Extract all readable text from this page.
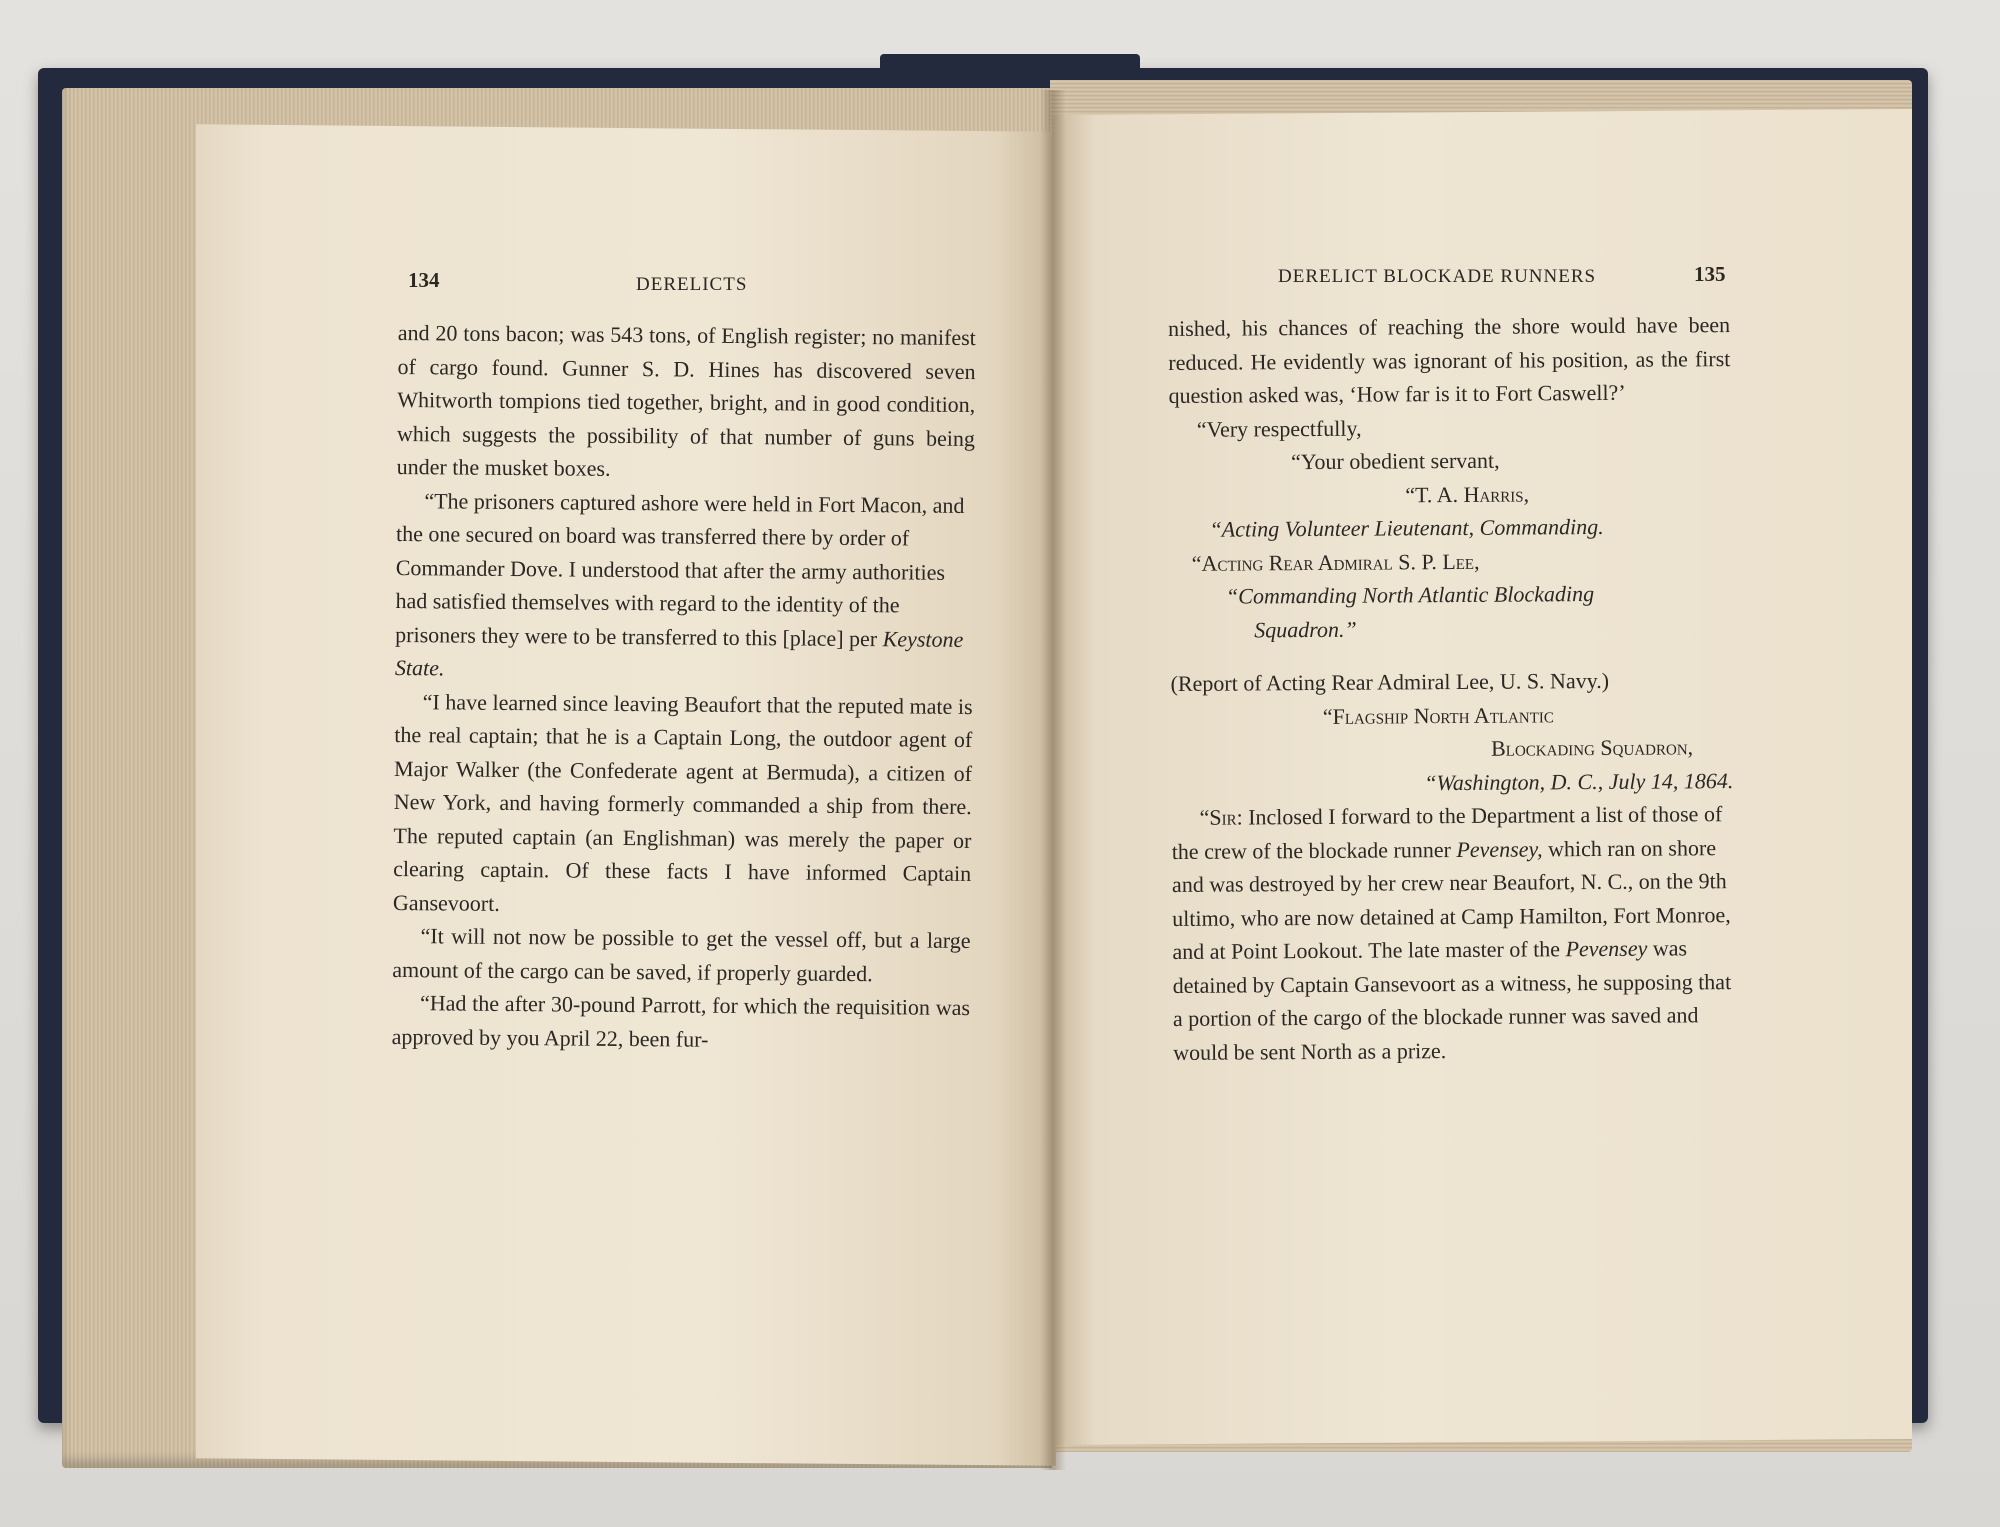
134	DERELICTS	DERELICT BLOCKADE RUNNERS	135

and 20 tons bacon; was 543 tons, of English register; no manifest of cargo found. Gunner S. D. Hines has discovered seven Whitworth tompions tied together, bright, and in good condition, which suggests the possibility of that number of guns being under the musket boxes.

“The prisoners captured ashore were held in Fort Macon, and the one secured on board was transferred there by order of Commander Dove. I understood that after the army authorities had satisfied themselves with regard to the identity of the prisoners they were to be transferred to this [place] per Keystone State.

“I have learned since leaving Beaufort that the reputed mate is the real captain; that he is a Captain Long, the outdoor agent of Major Walker (the Confederate agent at Bermuda), a citizen of New York, and having formerly commanded a ship from there. The reputed captain (an Englishman) was merely the paper or clearing captain. Of these facts I have informed Captain Gansevoort.

“It will not now be possible to get the vessel off, but a large amount of the cargo can be saved, if properly guarded.

“Had the after 30-pound Parrott, for which the requisition was approved by you April 22, been fur-

nished, his chances of reaching the shore would have been reduced. He evidently was ignorant of his position, as the first question asked was, ‘How far is it to Fort Caswell?’

“Very respectfully,

“Your obedient servant,

“T. A. Harris,

“Acting Volunteer Lieutenant, Commanding.

“Acting Rear Admiral S. P. Lee,

“Commanding North Atlantic Blockading

Squadron.”

(Report of Acting Rear Admiral Lee, U. S. Navy.)

“Flagship North Atlantic

Blockading Squadron,

“Washington, D. C., July 14, 1864.

“Sir: Inclosed I forward to the Department a list of those of the crew of the blockade runner Pevensey, which ran on shore and was destroyed by her crew near Beaufort, N. C., on the 9th ultimo, who are now detained at Camp Hamilton, Fort Monroe, and at Point Lookout. The late master of the Pevensey was detained by Captain Gansevoort as a witness, he supposing that a portion of the cargo of the blockade runner was saved and would be sent North as a prize.
